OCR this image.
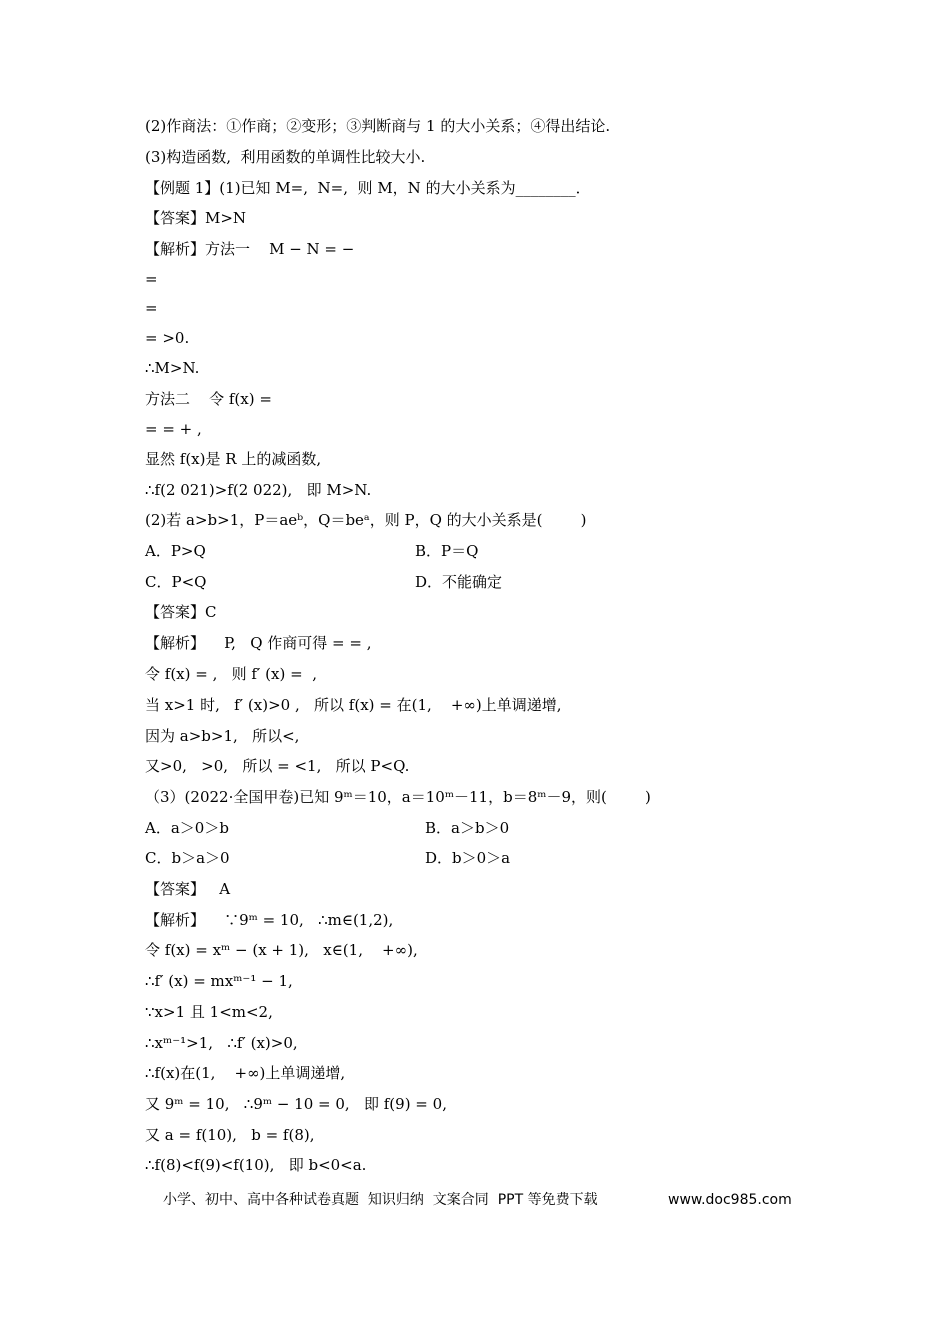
(2)作商法：①作商；②变形；③判断商与 1 的大小关系；④得出结论.
(3)构造函数,  利用函数的单调性比较大小.
【例题 1】(1)已知 M=,  N=,  则 M，N 的大小关系为________．
【答案】M>N
【解析】方法一    M − N = −
=
=
= >0.
∴M>N.
方法二    令 f(x) =
= = + ,
显然 f(x)是 R 上的减函数,
∴f(2 021)>f(2 022),   即 M>N.
(2)若 a>b>1，P＝aeᵇ，Q＝beᵃ，则 P，Q 的大小关系是(        )
A．P>Q	B．P＝Q
C．P<Q	D．不能确定
【答案】C
【解析】    P,   Q 作商可得 = = ,
令 f(x) = ,   则 f′ (x) =  ,
当 x>1 时,   f′ (x)>0 ,   所以 f(x) = 在(1,    +∞)上单调递增,
因为 a>b>1,   所以<,
又>0,   >0,   所以 = <1,   所以 P<Q.
（3）(2022·全国甲卷)已知 9ᵐ＝10，a＝10ᵐ－11，b＝8ᵐ－9，则(        )
A．a＞0＞b	B．a＞b＞0
C．b＞a＞0	D．b＞0＞a
【答案】   A
【解析】    ∵9ᵐ = 10,   ∴m∈(1,2),
令 f(x) = xᵐ − (x + 1),   x∈(1,    +∞),
∴f′ (x) = mxᵐ⁻¹ − 1,
∵x>1 且 1<m<2,
∴xᵐ⁻¹>1,   ∴f′ (x)>0,
∴f(x)在(1,    +∞)上单调递增,
又 9ᵐ = 10,   ∴9ᵐ − 10 = 0,   即 f(9) = 0,
又 a = f(10),   b = f(8),
∴f(8)<f(9)<f(10),   即 b<0<a.
小学、初中、高中各种试卷真题  知识归纳  文案合同  PPT 等免费下载	www.doc985.com
